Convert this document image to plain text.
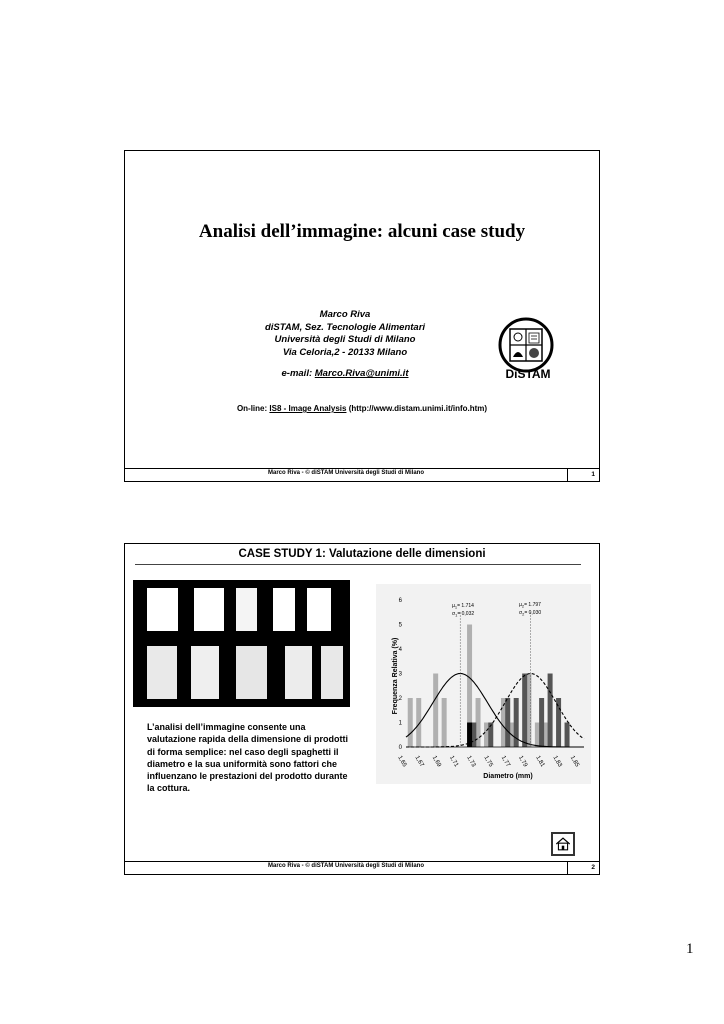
Analisi dell’immagine: alcuni case study
Marco Riva
diSTAM, Sez. Tecnologie Alimentari
Università degli Studi di Milano
Via Celoria,2 - 20133 Milano
e-mail: Marco.Riva@unimi.it	DiSTAM
On-line: IS8 - Image Analysis (http://www.distam.unimi.it/info.htm)
Marco Riva - © diSTAM Università degli Studi di Milano	1
CASE STUDY 1: Valutazione delle dimensioni
d1
d2
L’analisi dell’immagine consente una valutazione rapida della dimensione di prodotti di forma semplice: nel caso degli spaghetti il diametro e la sua uniformità sono fattori che influenzano le prestazioni del prodotto durante la cottura.
0
1
2
3
4
5
6
1,65 1,67 1,69 1,71 1,73 1,75 1,77 1,79 1,81 1,83 1,85
Frequenza Relativa (%)
Diametro (mm)
µ$_1$= 1.714
$\sigma_1= 0,032$
µ$_2$= 1.797
$\sigma_2= 0,030$
Marco Riva - © diSTAM Università degli Studi di Milano	2
1
